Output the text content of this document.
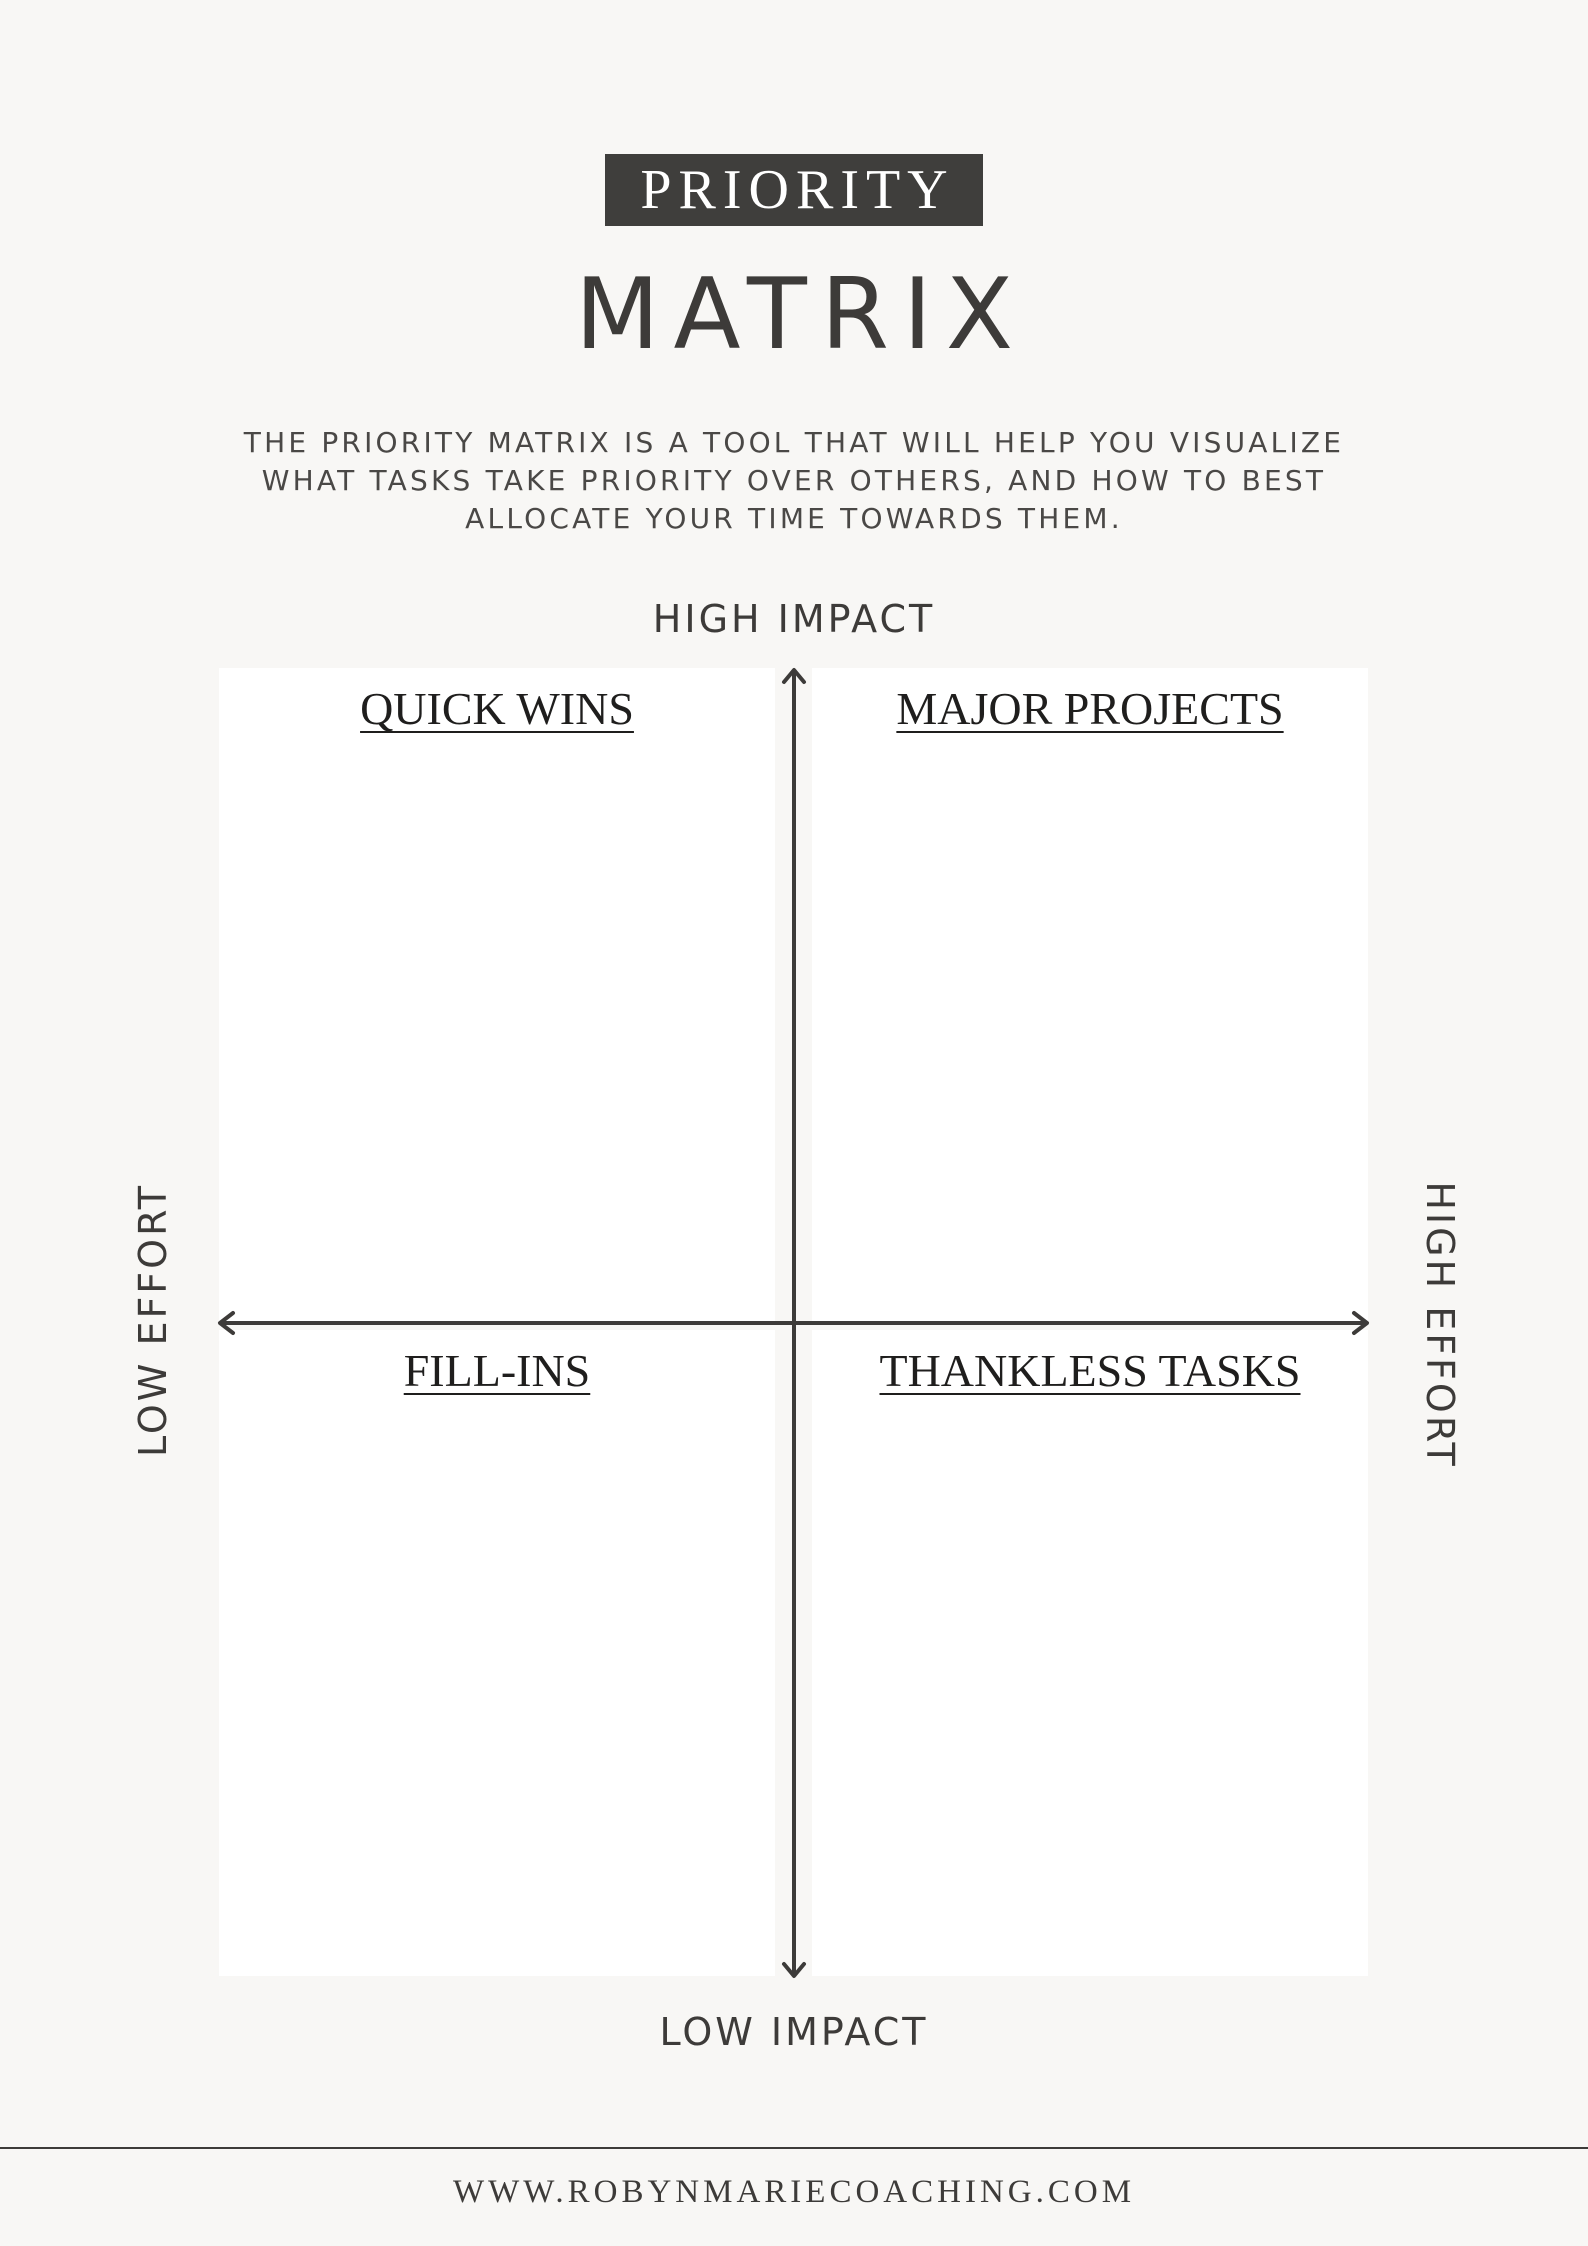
PRIORITY
MATRIX

THE PRIORITY MATRIX IS A TOOL THAT WILL HELP YOU VISUALIZE WHAT TASKS TAKE PRIORITY OVER OTHERS, AND HOW TO BEST ALLOCATE YOUR TIME TOWARDS THEM.

HIGH IMPACT
LOW IMPACT
LOW EFFORT	HIGH EFFORT
QUICK WINS	MAJOR PROJECTS
FILL-INS	THANKLESS TASKS
WWW.ROBYNMARIECOACHING.COM
